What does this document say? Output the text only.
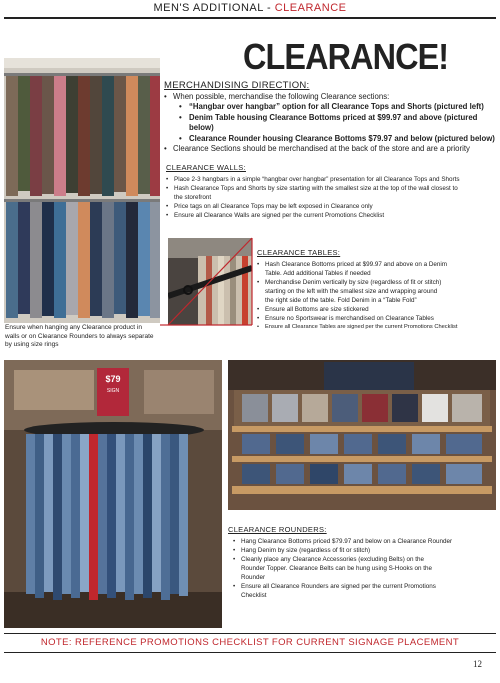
MEN'S ADDITIONAL - CLEARANCE
CLEARANCE!
MERCHANDISING DIRECTION:
• When possible, merchandise the following Clearance sections:
• “Hangbar over hangbar” option for all Clearance Tops and Shorts (pictured left)
• Denim Table housing Clearance Bottoms priced at $99.97 and above (pictured below)
• Clearance Rounder housing Clearance Bottoms $79.97 and below (pictured below)
• Clearance Sections should be merchandised at the back of the store and are a priority
CLEARANCE WALLS:
• Place 2-3 hangbars in a simple “hangbar over hangbar” presentation for all Clearance Tops and Shorts
• Hash Clearance Tops and Shorts by size starting with the smallest size at the top of the wall closest to
the storefront
• Price tags on all Clearance Tops may be left exposed in Clearance only
• Ensure all Clearance Walls are signed per the current Promotions Checklist
CLEARANCE TABLES:
• Hash Clearance Bottoms priced at $99.97 and above on a Denim
Table. Add additional Tables if needed
• Merchandise Denim vertically by size (regardless of fit or stitch)
starting on the left with the smallest size and wrapping around
the right side of the table. Fold Denim in a “Table Fold”
• Ensure all Bottoms are size stickered
• Ensure no Sportswear is merchandised on Clearance Tables
• Ensure all Clearance Tables are signed per the current Promotions Checklist
Ensure when hanging any Clearance product in walls or on Clearance Rounders to always separate by using size rings
$79
SIGN
CLEARANCE ROUNDERS:
• Hang Clearance Bottoms priced $79.97 and below on a Clearance Rounder
• Hang Denim by size (regardless of fit or stitch)
• Cleanly place any Clearance Accessories (excluding Belts) on the
Rounder Topper. Clearance Belts can be hung using S-Hooks on the
Rounder
• Ensure all Clearance Rounders are signed per the current Promotions
Checklist
NOTE: REFERENCE PROMOTIONS CHECKLIST FOR CURRENT SIGNAGE PLACEMENT
12
